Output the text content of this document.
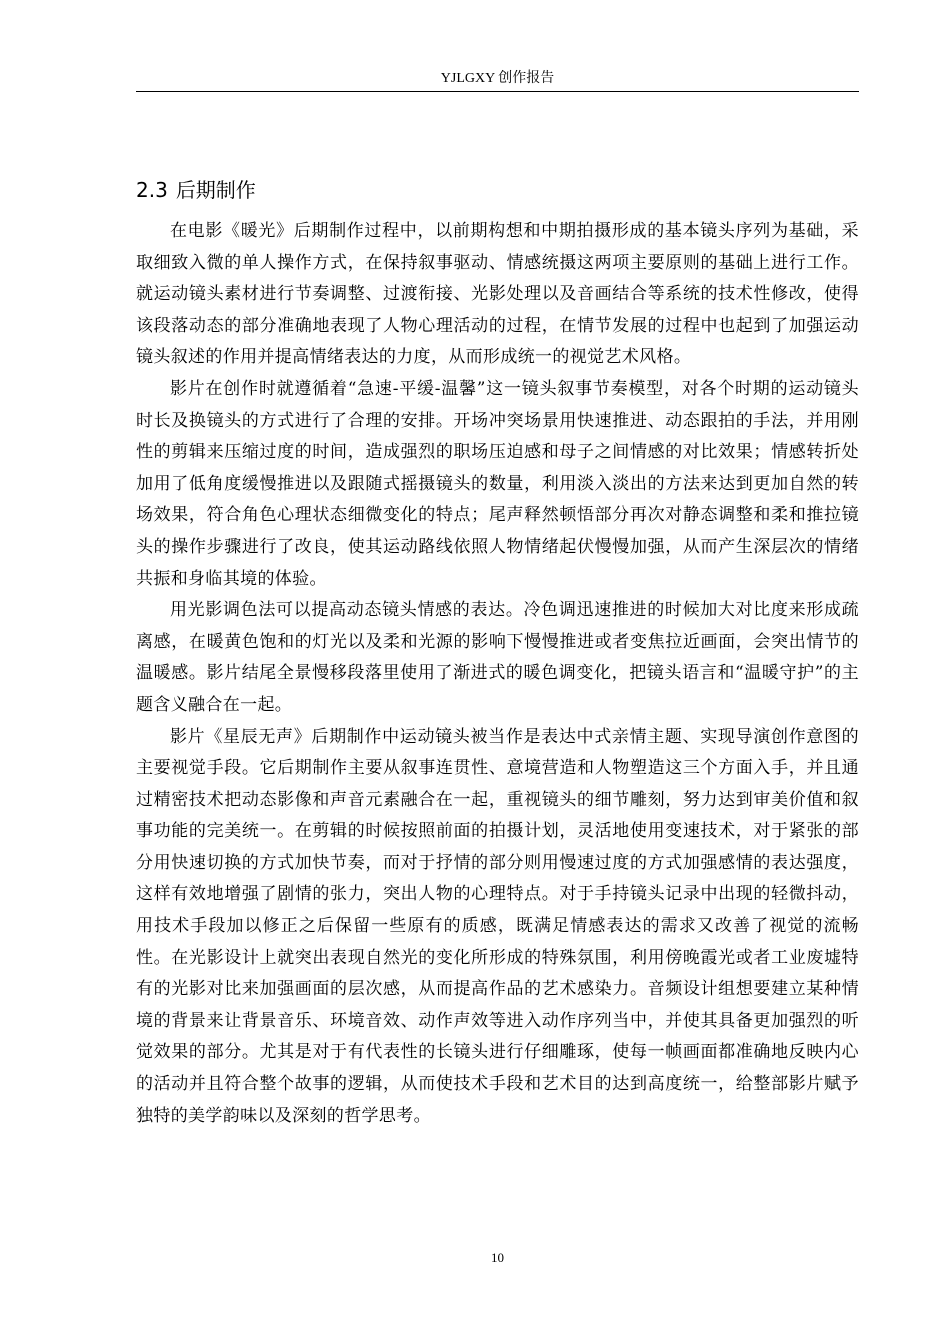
YJLGXY 创作报告
2.3 后期制作

在电影《暖光》后期制作过程中，以前期构想和中期拍摄形成的基本镜头序列为基础，采取细致入微的单人操作方式，在保持叙事驱动、情感统摄这两项主要原则的基础上进行工作。就运动镜头素材进行节奏调整、过渡衔接、光影处理以及音画结合等系统的技术性修改，使得该段落动态的部分准确地表现了人物心理活动的过程，在情节发展的过程中也起到了加强运动镜头叙述的作用并提高情绪表达的力度，从而形成统一的视觉艺术风格。

影片在创作时就遵循着“急速-平缓-温馨”这一镜头叙事节奏模型，对各个时期的运动镜头时长及换镜头的方式进行了合理的安排。开场冲突场景用快速推进、动态跟拍的手法，并用刚性的剪辑来压缩过度的时间，造成强烈的职场压迫感和母子之间情感的对比效果；情感转折处加用了低角度缓慢推进以及跟随式摇摄镜头的数量，利用淡入淡出的方法来达到更加自然的转场效果，符合角色心理状态细微变化的特点；尾声释然顿悟部分再次对静态调整和柔和推拉镜头的操作步骤进行了改良，使其运动路线依照人物情绪起伏慢慢加强，从而产生深层次的情绪共振和身临其境的体验。

用光影调色法可以提高动态镜头情感的表达。冷色调迅速推进的时候加大对比度来形成疏离感，在暖黄色饱和的灯光以及柔和光源的影响下慢慢推进或者变焦拉近画面，会突出情节的温暖感。影片结尾全景慢移段落里使用了渐进式的暖色调变化，把镜头语言和“温暖守护”的主题含义融合在一起。

影片《星辰无声》后期制作中运动镜头被当作是表达中式亲情主题、实现导演创作意图的主要视觉手段。它后期制作主要从叙事连贯性、意境营造和人物塑造这三个方面入手，并且通过精密技术把动态影像和声音元素融合在一起，重视镜头的细节雕刻，努力达到审美价值和叙事功能的完美统一。在剪辑的时候按照前面的拍摄计划，灵活地使用变速技术，对于紧张的部分用快速切换的方式加快节奏，而对于抒情的部分则用慢速过度的方式加强感情的表达强度，这样有效地增强了剧情的张力，突出人物的心理特点。对于手持镜头记录中出现的轻微抖动，用技术手段加以修正之后保留一些原有的质感，既满足情感表达的需求又改善了视觉的流畅性。在光影设计上就突出表现自然光的变化所形成的特殊氛围，利用傍晚霞光或者工业废墟特有的光影对比来加强画面的层次感，从而提高作品的艺术感染力。音频设计组想要建立某种情境的背景来让背景音乐、环境音效、动作声效等进入动作序列当中，并使其具备更加强烈的听觉效果的部分。尤其是对于有代表性的长镜头进行仔细雕琢，使每一帧画面都准确地反映内心的活动并且符合整个故事的逻辑，从而使技术手段和艺术目的达到高度统一，给整部影片赋予独特的美学韵味以及深刻的哲学思考。

10
